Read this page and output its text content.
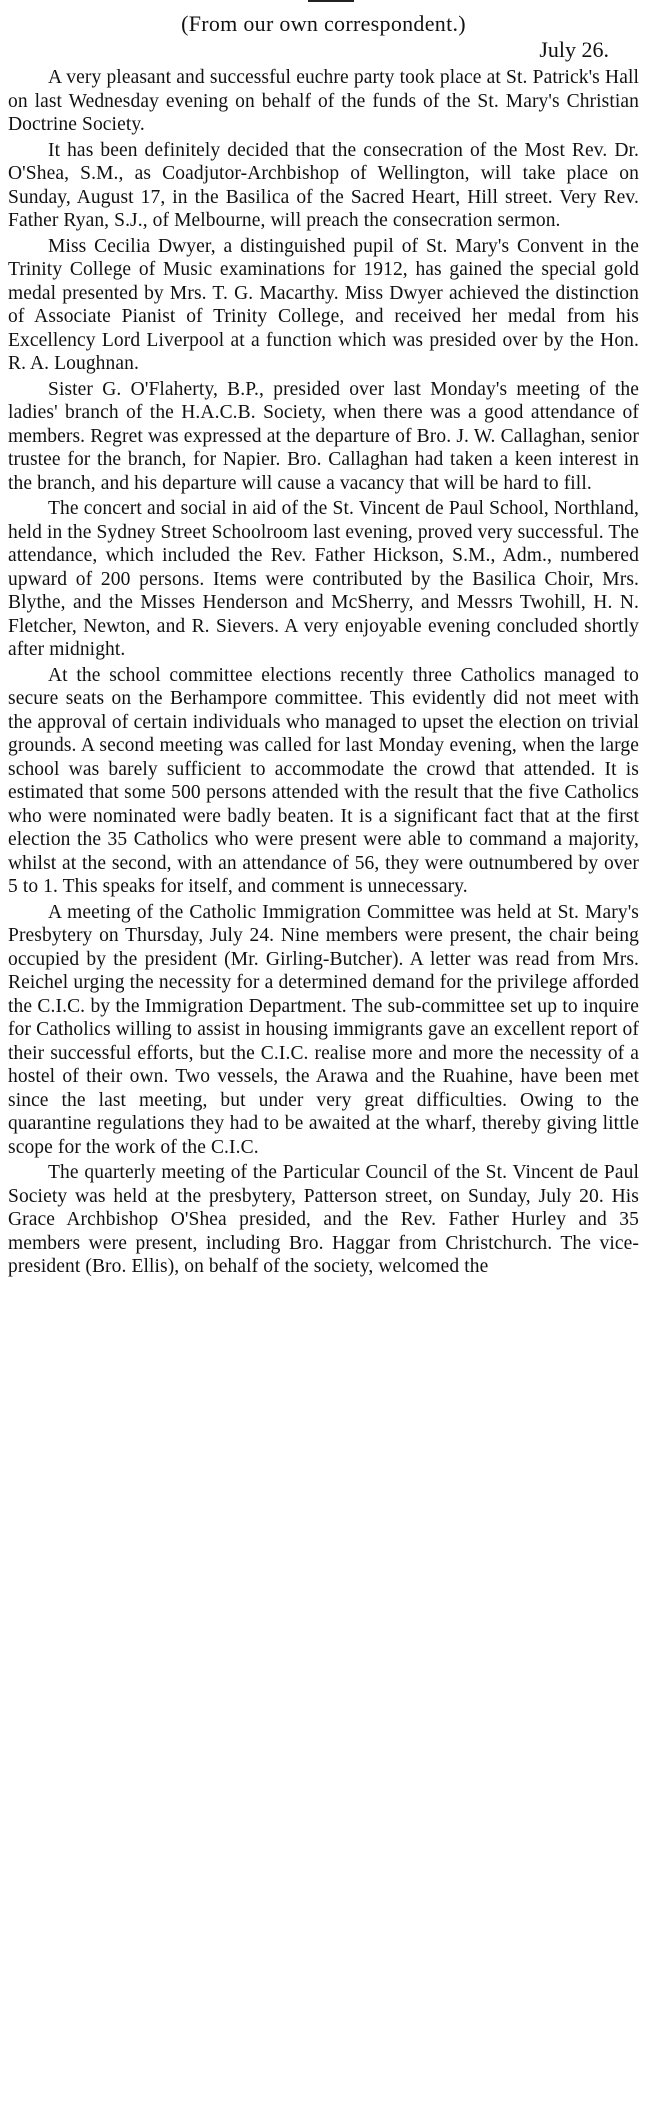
(From our own correspondent.)
July 26.

A very pleasant and successful euchre party took place at St. Patrick's Hall on last Wednesday evening on behalf of the funds of the St. Mary's Christian Doctrine Society.

It has been definitely decided that the consecration of the Most Rev. Dr. O'Shea, S.M., as Coadjutor-Archbishop of Wellington, will take place on Sunday, August 17, in the Basilica of the Sacred Heart, Hill street. Very Rev. Father Ryan, S.J., of Melbourne, will preach the consecration sermon.

Miss Cecilia Dwyer, a distinguished pupil of St. Mary's Convent in the Trinity College of Music examinations for 1912, has gained the special gold medal presented by Mrs. T. G. Macarthy. Miss Dwyer achieved the distinction of Associate Pianist of Trinity College, and received her medal from his Excellency Lord Liverpool at a function which was presided over by the Hon. R. A. Loughnan.

Sister G. O'Flaherty, B.P., presided over last Monday's meeting of the ladies' branch of the H.A.C.B. Society, when there was a good attendance of members. Regret was expressed at the departure of Bro. J. W. Callaghan, senior trustee for the branch, for Napier. Bro. Callaghan had taken a keen interest in the branch, and his departure will cause a vacancy that will be hard to fill.

The concert and social in aid of the St. Vincent de Paul School, Northland, held in the Sydney Street Schoolroom last evening, proved very successful. The attendance, which included the Rev. Father Hickson, S.M., Adm., numbered upward of 200 persons. Items were contributed by the Basilica Choir, Mrs. Blythe, and the Misses Henderson and McSherry, and Messrs Twohill, H. N. Fletcher, Newton, and R. Sievers. A very enjoyable evening concluded shortly after midnight.

At the school committee elections recently three Catholics managed to secure seats on the Berhampore committee. This evidently did not meet with the approval of certain individuals who managed to upset the election on trivial grounds. A second meeting was called for last Monday evening, when the large school was barely sufficient to accommodate the crowd that attended. It is estimated that some 500 persons attended with the result that the five Catholics who were nominated were badly beaten. It is a significant fact that at the first election the 35 Catholics who were present were able to command a majority, whilst at the second, with an attendance of 56, they were outnumbered by over 5 to 1. This speaks for itself, and comment is unnecessary.

A meeting of the Catholic Immigration Committee was held at St. Mary's Presbytery on Thursday, July 24. Nine members were present, the chair being occupied by the president (Mr. Girling-Butcher). A letter was read from Mrs. Reichel urging the necessity for a determined demand for the privilege afforded the C.I.C. by the Immigration Department. The sub-committee set up to inquire for Catholics willing to assist in housing immigrants gave an excellent report of their successful efforts, but the C.I.C. realise more and more the necessity of a hostel of their own. Two vessels, the Arawa and the Ruahine, have been met since the last meeting, but under very great difficulties. Owing to the quarantine regulations they had to be awaited at the wharf, thereby giving little scope for the work of the C.I.C.

The quarterly meeting of the Particular Council of the St. Vincent de Paul Society was held at the presbytery, Patterson street, on Sunday, July 20. His Grace Archbishop O'Shea presided, and the Rev. Father Hurley and 35 members were present, including Bro. Haggar from Christchurch. The vice-president (Bro. Ellis), on behalf of the society, welcomed the
